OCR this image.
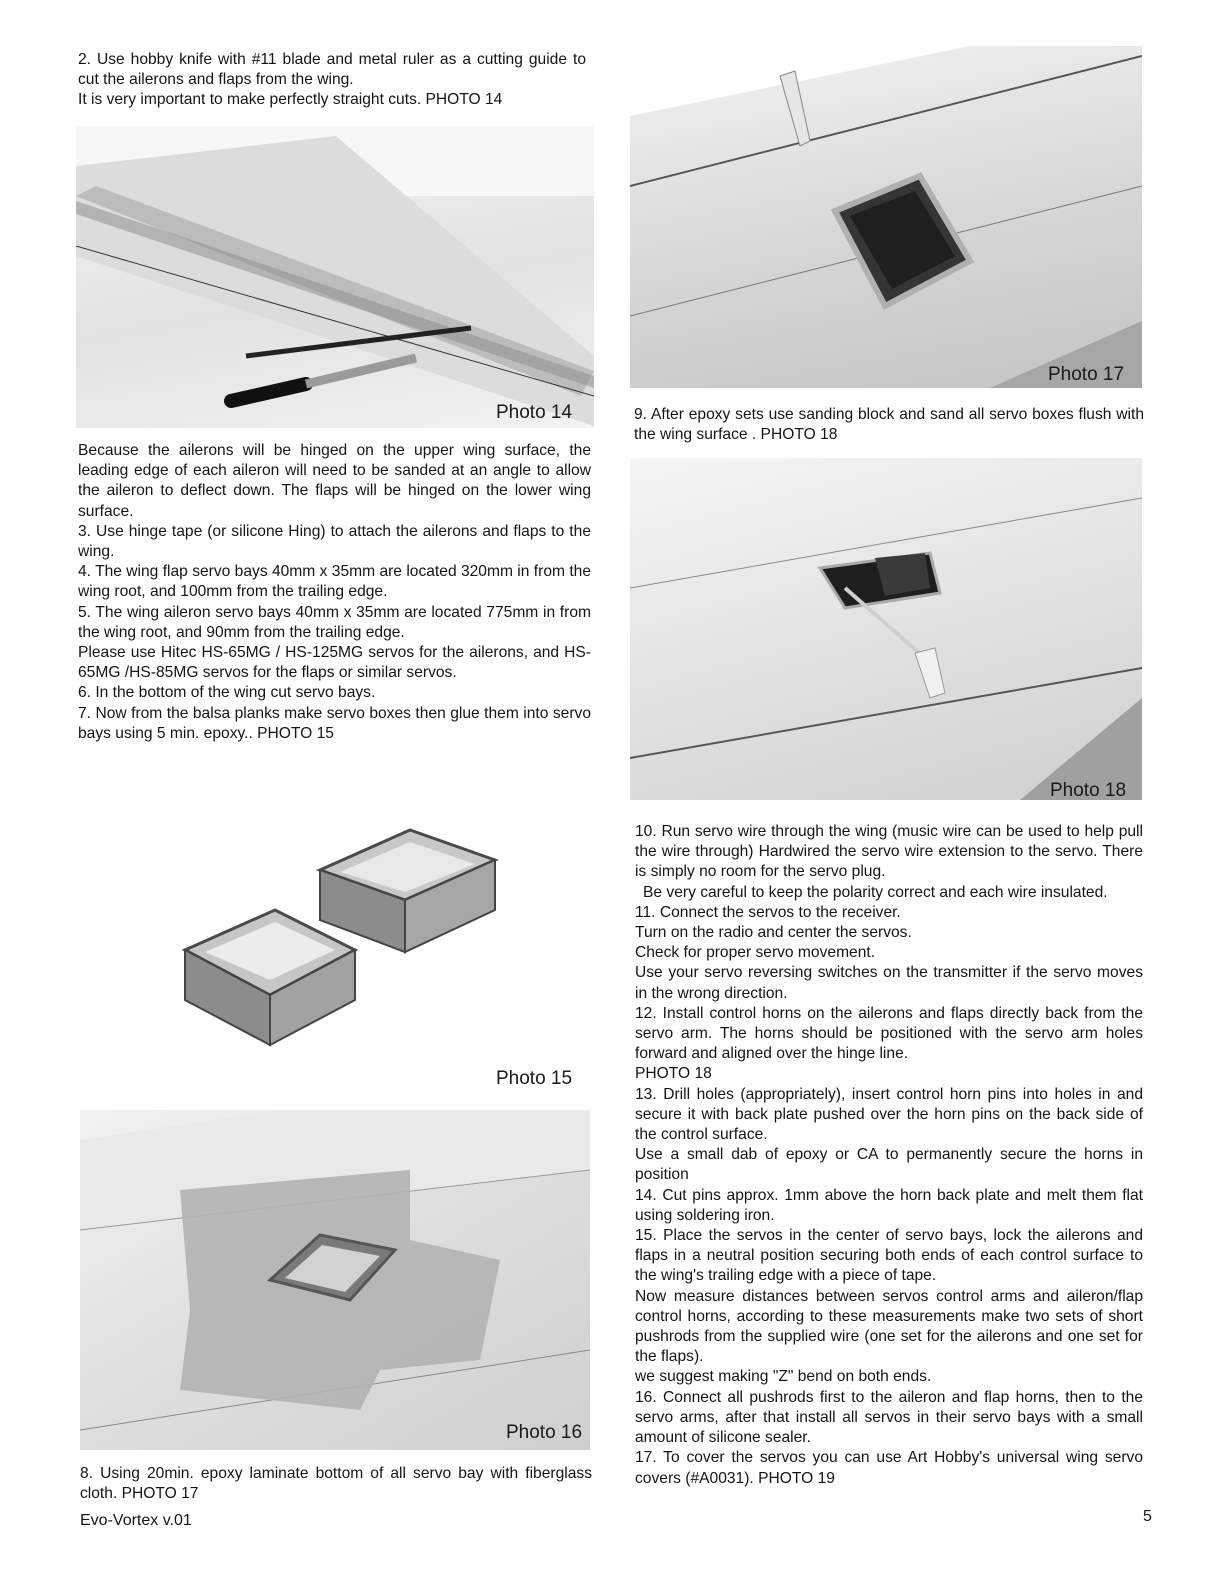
2. Use hobby knife with #11 blade and metal ruler as a cutting guide to cut the ailerons and flaps from the wing.

It is very important to make perfectly straight cuts. PHOTO 14

Photo 14

Because the ailerons will be hinged on the upper wing surface, the leading edge of each aileron will need to be sanded at an angle to allow the aileron to deflect down. The flaps will be hinged on the lower wing surface.

3. Use hinge tape (or silicone Hing) to attach the ailerons and flaps to the wing.

4. The wing flap servo bays 40mm x 35mm are located 320mm in from the wing root, and 100mm from the trailing edge.

5. The wing aileron servo bays 40mm x 35mm are located 775mm in from the wing root, and 90mm from the trailing edge.

Please use Hitec HS-65MG / HS-125MG servos for the ailerons, and HS-65MG /HS-85MG servos for the flaps or similar servos.

6. In the bottom of the wing cut servo bays.

7. Now from the balsa planks make servo boxes then glue them into servo bays using 5 min. epoxy.. PHOTO 15

Photo 15
Photo 16

8. Using 20min. epoxy laminate bottom of all servo bay with fiberglass cloth. PHOTO 17

Evo-Vortex v.01	5
Photo 17

9. After epoxy sets use sanding block and sand all servo boxes flush with the wing surface . PHOTO 18

Photo 18

10. Run servo wire through the wing (music wire can be used to help pull the wire through) Hardwired the servo wire extension to the servo. There is simply no room for the servo plug.

Be very careful to keep the polarity correct and each wire insulated.

11. Connect the servos to the receiver.

Turn on the radio and center the servos.

Check for proper servo movement.

Use your servo reversing switches on the transmitter if the servo moves in the wrong direction.

12. Install control horns on the ailerons and flaps directly back from the servo arm. The horns should be positioned with the servo arm holes forward and aligned over the hinge line.

PHOTO 18

13. Drill holes (appropriately), insert control horn pins into holes in and secure it with back plate pushed over the horn pins on the back side of the control surface.

Use a small dab of epoxy or CA to permanently secure the horns in position

14. Cut pins approx. 1mm above the horn back plate and melt them flat using soldering iron.

15. Place the servos in the center of servo bays, lock the ailerons and flaps in a neutral position securing both ends of each control surface to the wing's trailing edge with a piece of tape.

Now measure distances between servos control arms and aileron/flap control horns, according to these measurements make two sets of short pushrods from the supplied wire (one set for the ailerons and one set for the flaps).

we suggest making "Z" bend on both ends.

16. Connect all pushrods first to the aileron and flap horns, then to the servo arms, after that install all servos in their servo bays with a small amount of silicone sealer.

17. To cover the servos you can use Art Hobby's universal wing servo covers (#A0031). PHOTO 19
